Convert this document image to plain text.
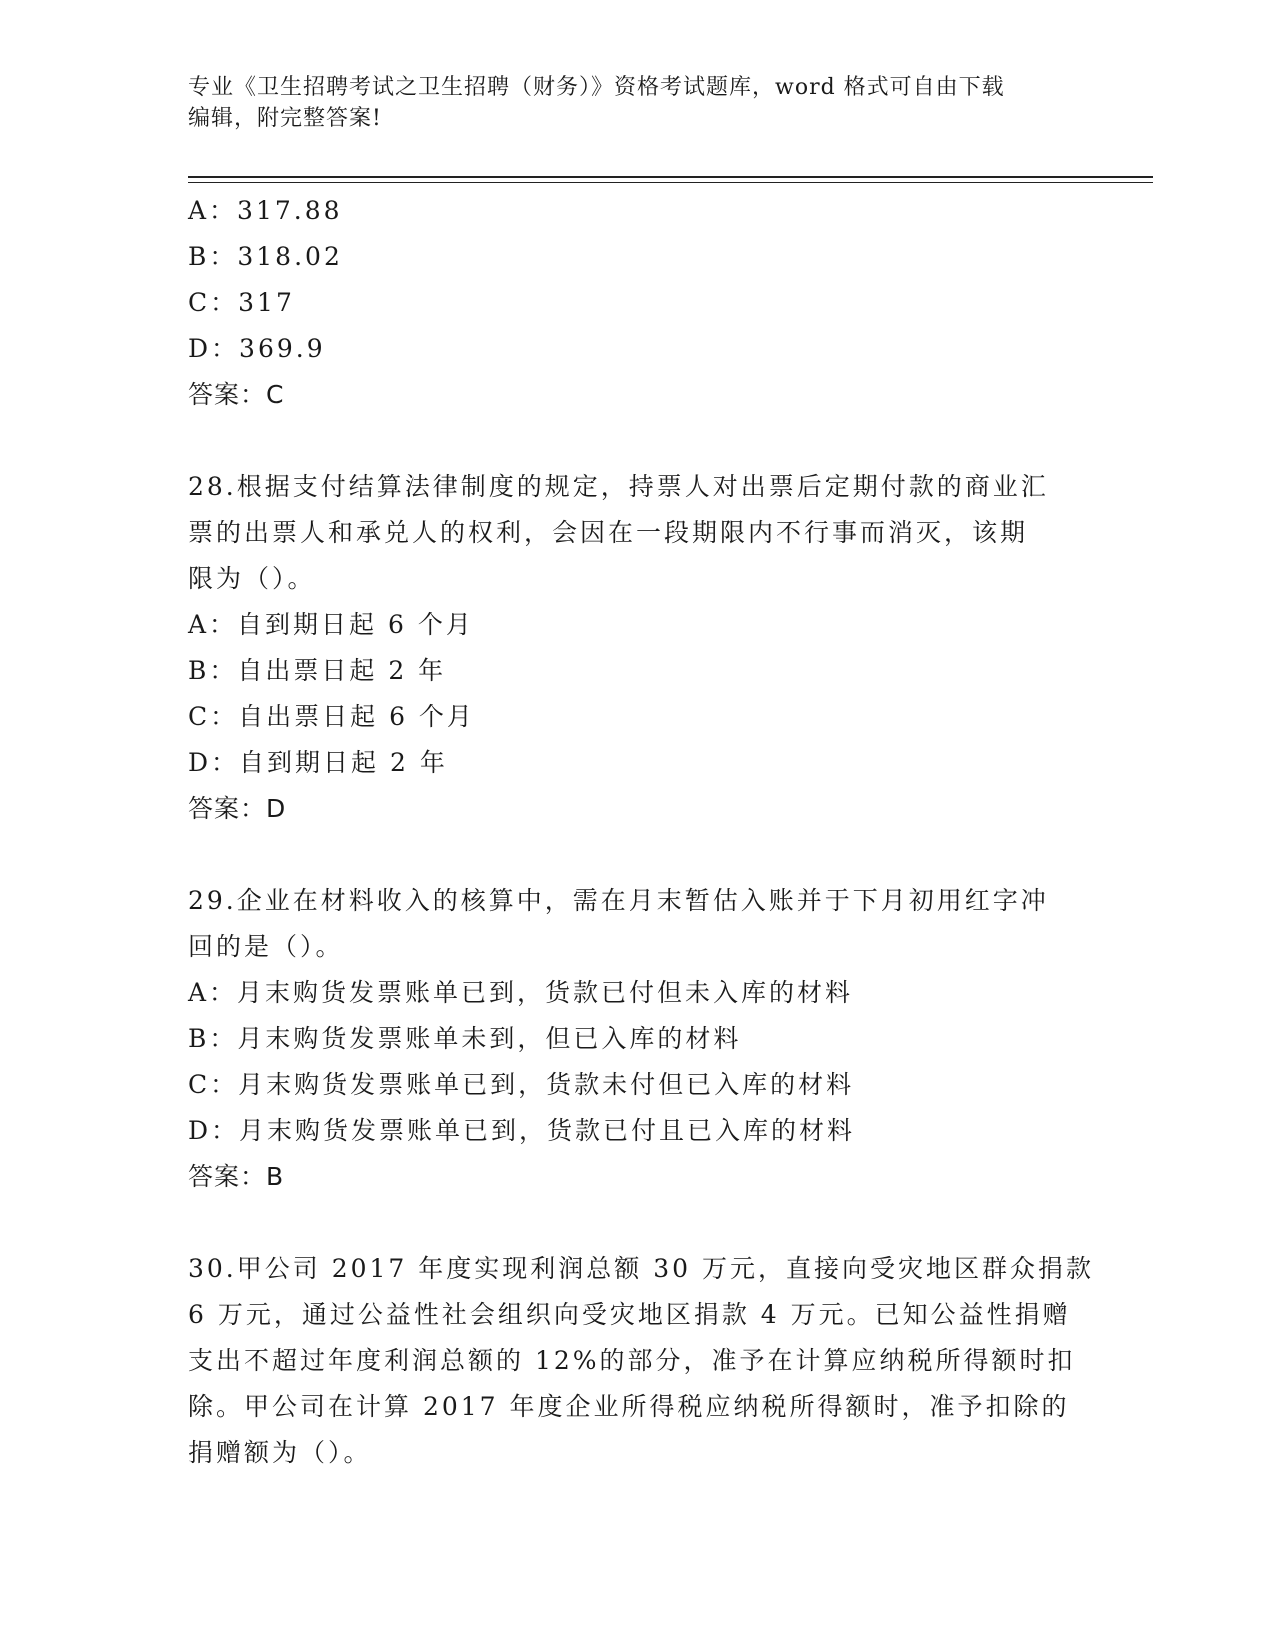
专业《卫生招聘考试之卫生招聘（财务）》资格考试题库，word 格式可自由下载
编辑，附完整答案!
A：317.88
B：318.02
C：317
D：369.9
答案：C
28.根据支付结算法律制度的规定，持票人对出票后定期付款的商业汇
票的出票人和承兑人的权利，会因在一段期限内不行事而消灭，该期
限为（）。
A：自到期日起 6 个月
B：自出票日起 2 年
C：自出票日起 6 个月
D：自到期日起 2 年
答案：D
29.企业在材料收入的核算中，需在月末暂估入账并于下月初用红字冲
回的是（）。
A：月末购货发票账单已到，货款已付但未入库的材料
B：月末购货发票账单未到，但已入库的材料
C：月末购货发票账单已到，货款未付但已入库的材料
D：月末购货发票账单已到，货款已付且已入库的材料
答案：B
30.甲公司 2017 年度实现利润总额 30 万元，直接向受灾地区群众捐款
6 万元，通过公益性社会组织向受灾地区捐款 4 万元。已知公益性捐赠
支出不超过年度利润总额的 12%的部分，准予在计算应纳税所得额时扣
除。甲公司在计算 2017 年度企业所得税应纳税所得额时，准予扣除的
捐赠额为（）。
